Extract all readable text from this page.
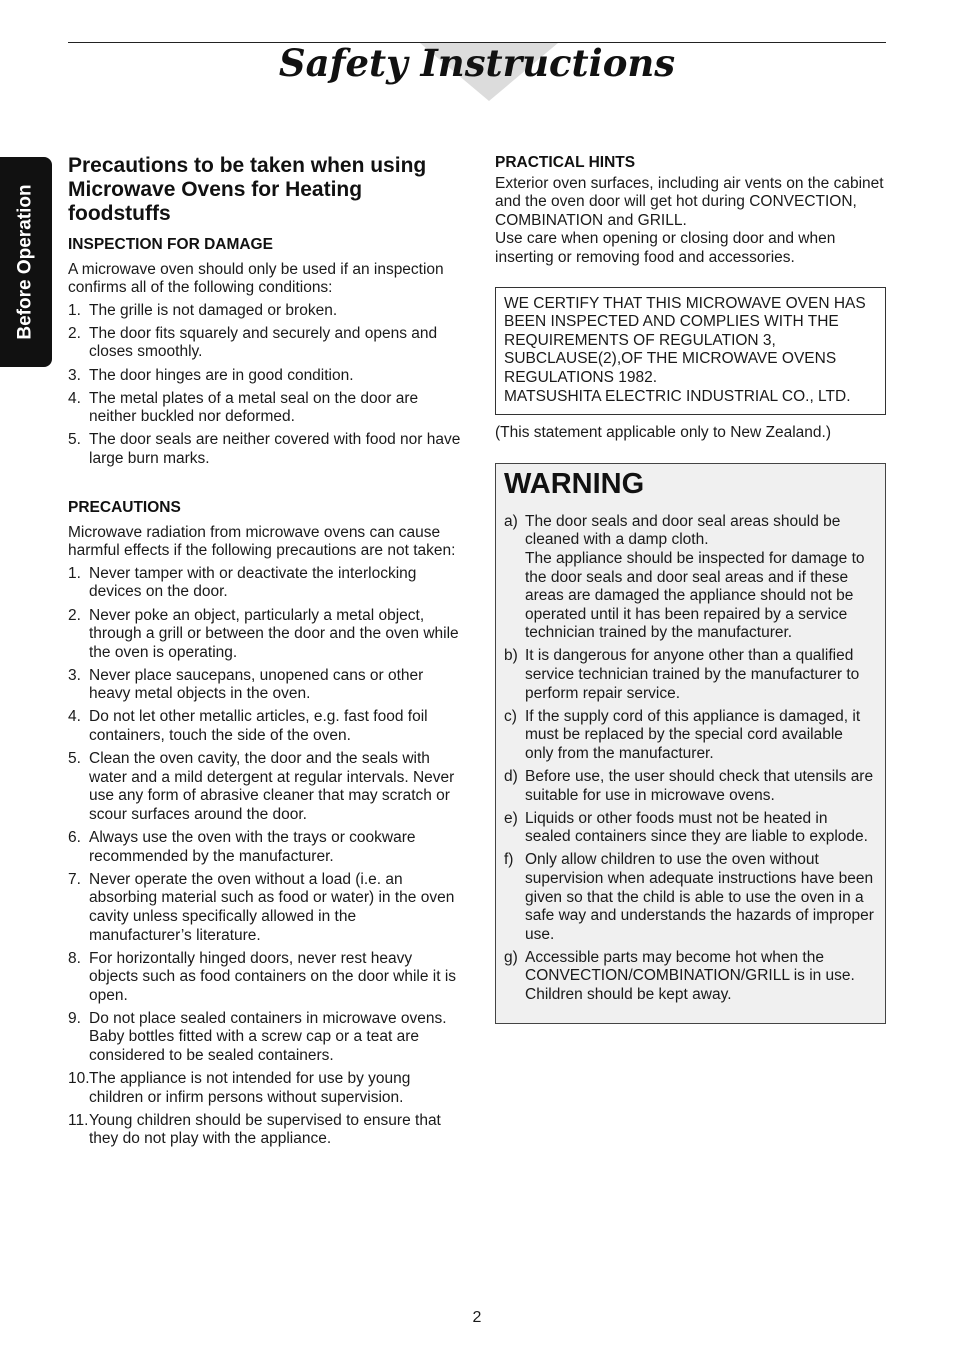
Safety Instructions
Before Operation
Precautions to be taken when using Microwave Ovens for Heating foodstuffs
INSPECTION FOR DAMAGE

A microwave oven should only be used if an inspection confirms all of the following conditions:

1. The grille is not damaged or broken.
2. The door fits squarely and securely and opens and closes smoothly.
3. The door hinges are in good condition.
4. The metal plates of a metal seal on the door are neither buckled nor deformed.
5. The door seals are neither covered with food nor have large burn marks.
PRECAUTIONS

Microwave radiation from microwave ovens can cause harmful effects if the following precautions are not taken:

1. Never tamper with or deactivate the interlocking devices on the door.
2. Never poke an object, particularly a metal object, through a grill or between the door and the oven while the oven is operating.
3. Never place saucepans, unopened cans or other heavy metal objects in the oven.
4. Do not let other metallic articles, e.g. fast food foil containers, touch the side of the oven.
5. Clean the oven cavity, the door and the seals with water and a mild detergent at regular intervals. Never use any form of abrasive cleaner that may scratch or scour surfaces around the door.
6. Always use the oven with the trays or cookware recommended by the manufacturer.
7. Never operate the oven without a load (i.e. an absorbing material such as food or water) in the oven cavity unless specifically allowed in the manufacturer’s literature.
8. For horizontally hinged doors, never rest heavy objects such as food containers on the door while it is open.
9. Do not place sealed containers in microwave ovens. Baby bottles fitted with a screw cap or a teat are considered to be sealed containers.
10. The appliance is not intended for use by young children or infirm persons without supervision.
11. Young children should be supervised to ensure that they do not play with the appliance.
PRACTICAL HINTS

Exterior oven surfaces, including air vents on the cabinet and the oven door will get hot during CONVECTION, COMBINATION and GRILL.

Use care when opening or closing door and when inserting or removing food and accessories.

WE CERTIFY THAT THIS MICROWAVE OVEN HAS BEEN INSPECTED AND COMPLIES WITH THE REQUIREMENTS OF REGULATION 3, SUBCLAUSE(2),OF THE MICROWAVE OVENS REGULATIONS 1982.

MATSUSHITA ELECTRIC INDUSTRIAL CO., LTD.

(This statement applicable only to New Zealand.)

WARNING
a) The door seals and door seal areas should be cleaned with a damp cloth.
The appliance should be inspected for damage to the door seals and door seal areas and if these areas are damaged the appliance should not be operated until it has been repaired by a service technician trained by the manufacturer.
b) It is dangerous for anyone other than a qualified service technician trained by the manufacturer to perform repair service.
c) If the supply cord of this appliance is damaged, it must be replaced by the special cord available only from the manufacturer.
d) Before use, the user should check that utensils are suitable for use in microwave ovens.
e) Liquids or other foods must not be heated in sealed containers since they are liable to explode.
f) Only allow children to use the oven without supervision when adequate instructions have been given so that the child is able to use the oven in a safe way and understands the hazards of improper use.
g) Accessible parts may become hot when the CONVECTION/COMBINATION/GRILL is in use. Children should be kept away.
2
